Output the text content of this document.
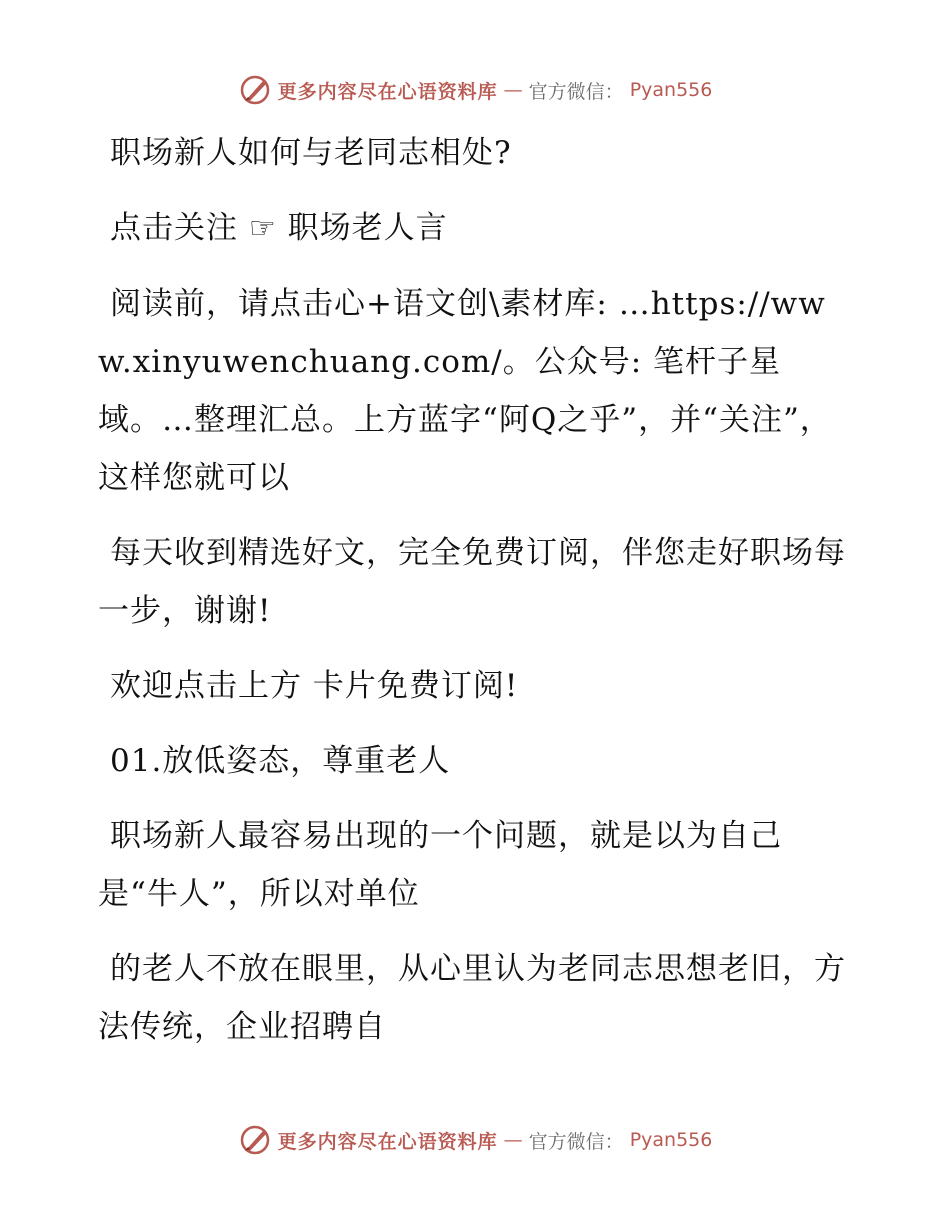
更多内容尽在心语资料库 — 官方微信： Pyan556

职场新人如何与老同志相处?

点击关注 ☞ 职场老人言

阅读前，请点击心+语文创\素材库: …https://www.xinyuwenchuang.com/。公众号: 笔杆子星域。…整理汇总。上方蓝字“阿Q之乎”，并“关注”，这样您就可以

每天收到精选好文，完全免费订阅，伴您走好职场每一步，谢谢!

欢迎点击上方 卡片免费订阅!

01.放低姿态，尊重老人

职场新人最容易出现的一个问题，就是以为自己是“牛人”，所以对单位

的老人不放在眼里，从心里认为老同志思想老旧，方法传统，企业招聘自

更多内容尽在心语资料库 — 官方微信： Pyan556
